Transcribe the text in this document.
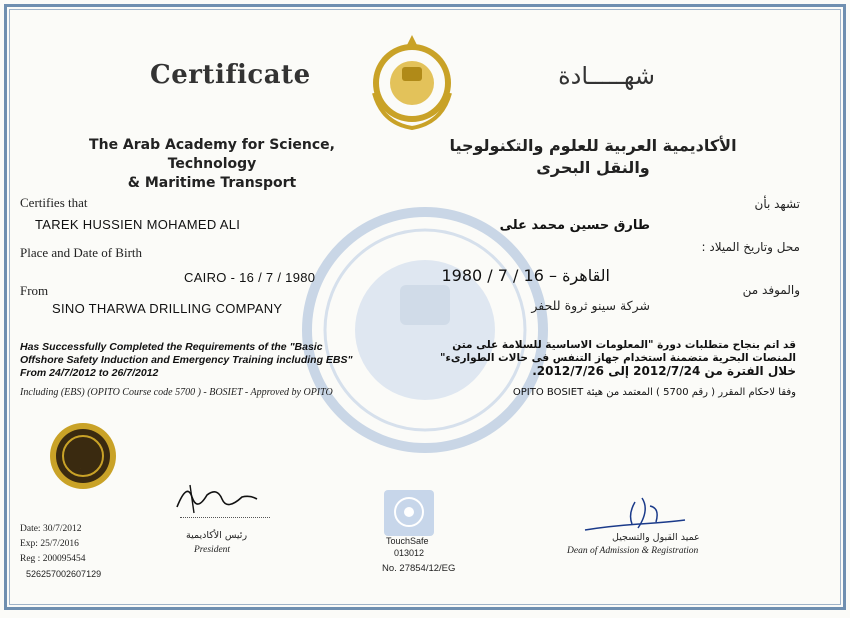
Certificate	شهـــــادة
The Arab Academy for Science, Technology
& Maritime Transport
الأكاديمية العربية للعلوم والتكنولوجيا
والنقل البحرى
Certifies that
TAREK HUSSIEN MOHAMED ALI
Place and Date of Birth
CAIRO - 16 / 7 / 1980
From
SINO THARWA DRILLING COMPANY
تشهد بأن
طارق حسين محمد على
محل وتاريخ الميلاد :
القاهرة – 16 / 7 / 1980
والموفد من
شركة سينو ثروة للحفر
Has Successfully Completed the Requirements of the "Basic
Offshore Safety Induction and Emergency Training including EBS"
From 24/7/2012 to 26/7/2012
Including (EBS) (OPITO Course code 5700 ) - BOSIET - Approved by OPITO
قد اتم بنجاح متطلبات دورة "المعلومات الاساسية للسلامة على متن
المنصات البحرية متضمنة استخدام جهاز التنفس فى حالات الطوارىء"
خلال الفترة من 2012/7/24 إلى 2012/7/26.
وفقا لاحكام المقرر ( رقم 5700 ) المعتمد من هيئة OPITO BOSIET
رئيس الأكاديمية
President
TouchSafe
013012
No. 27854/12/EG
عميد القبول والتسجيل
Dean of Admission & Registration
Date: 30/7/2012
Exp: 25/7/2016
Reg : 200095454
526257002607129
